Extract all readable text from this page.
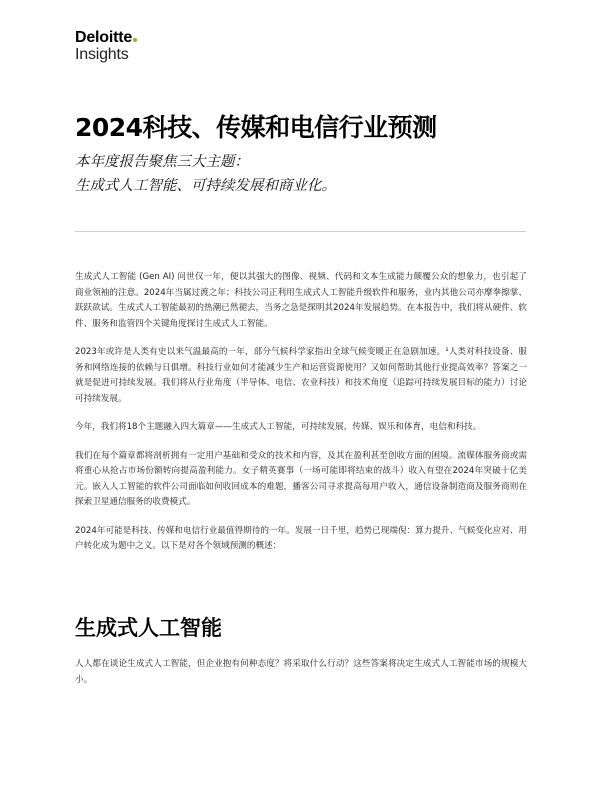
Deloitte
Insights
2024科技、传媒和电信行业预测
本年度报告聚焦三大主题：
生成式人工智能、可持续发展和商业化。

生成式人工智能 (Gen AI) 问世仅一年，便以其强大的图像、视频、代码和文本生成能力颠覆公众的想象力，也引起了商业领袖的注意。2024年当属过渡之年；科技公司正利用生成式人工智能升级软件和服务，业内其他公司亦摩拳擦掌、跃跃欲试。生成式人工智能最初的热潮已然褪去，当务之急是探明其2024年发展趋势。在本报告中，我们将从硬件、软件、服务和监管四个关键角度探讨生成式人工智能。

2023年或许是人类有史以来气温最高的一年，部分气候科学家指出全球气候变暖正在急剧加速。¹人类对科技设备、服务和网络连接的依赖与日俱增。科技行业如何才能减少生产和运营资源使用？又如何帮助其他行业提高效率？答案之一就是促进可持续发展。我们将从行业角度（半导体、电信、农业科技）和技术角度（追踪可持续发展目标的能力）讨论可持续发展。

今年，我们将18个主题融入四大篇章——生成式人工智能，可持续发展，传媒、娱乐和体育，电信和科技。

我们在每个篇章都将剖析拥有一定用户基础和受众的技术和内容，及其在盈利甚至创收方面的困境。流媒体服务商或需将重心从抢占市场份额转向提高盈利能力。女子精英赛事（一场可能即将结束的战斗）收入有望在2024年突破十亿美元。嵌入人工智能的软件公司面临如何收回成本的难题，播客公司寻求提高每用户收入，通信设备制造商及服务商则在探索卫星通信服务的收费模式。

2024年可能是科技、传媒和电信行业最值得期待的一年。发展一日千里，趋势已现端倪：算力提升、气候变化应对、用户转化成为题中之义。以下是对各个领域预测的概述：

生成式人工智能

人人都在谈论生成式人工智能，但企业抱有何种态度？将采取什么行动？这些答案将决定生成式人工智能市场的规模大小。
